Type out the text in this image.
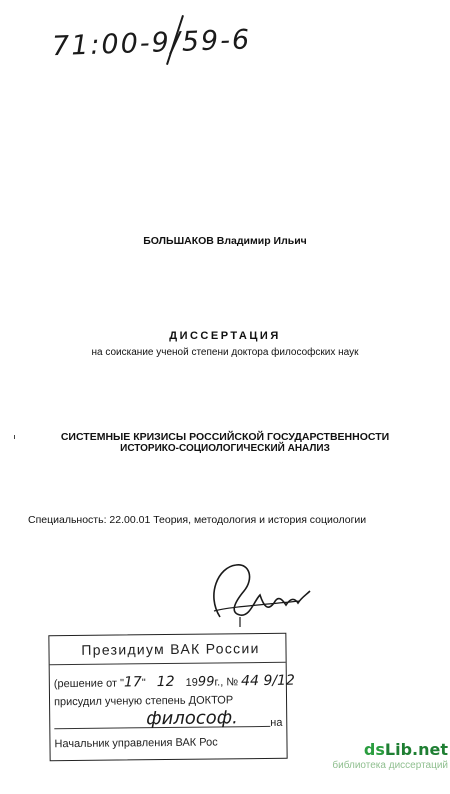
71:00-9/59-6
БОЛЬШАКОВ Владимир Ильич
ДИССЕРТАЦИЯ
на соискание ученой степени доктора философских наук
СИСТЕМНЫЕ КРИЗИСЫ РОССИЙСКОЙ ГОСУДАРСТВЕННОСТИ
ИСТОРИКО-СОЦИОЛОГИЧЕСКИЙ АНАЛИЗ
Специальность: 22.00.01 Теория, методология и история социологии
Президиум ВАК России
(решение от "17" 12 1999г., № 44 9/12
присудил ученую степень ДОКТОР
философ.	на
Начальник управления ВАК Рос	dsLib.net
библиотека диссертаций
